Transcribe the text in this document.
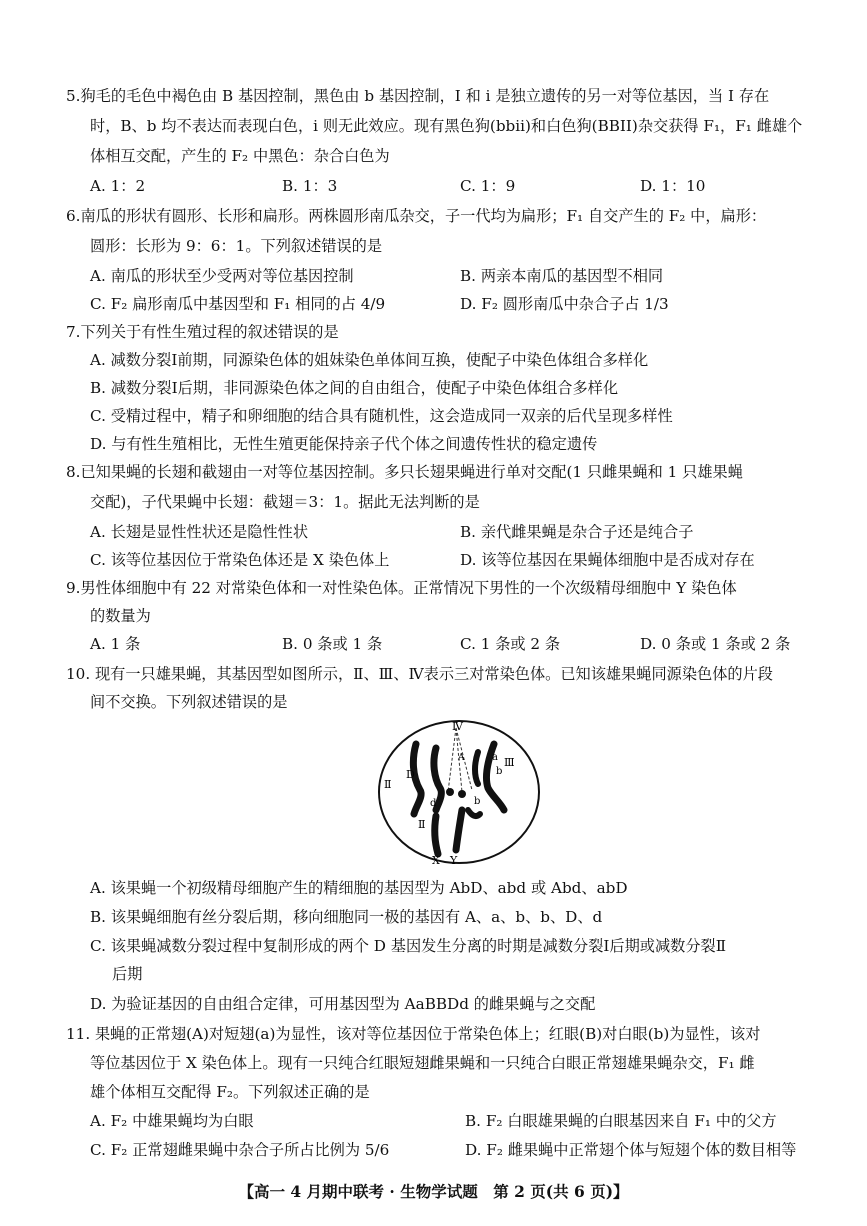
5.狗毛的毛色中褐色由 B 基因控制，黑色由 b 基因控制，I 和 i 是独立遗传的另一对等位基因，当 I 存在
时，B、b 均不表达而表现白色，i 则无此效应。现有黑色狗(bbii)和白色狗(BBII)杂交获得 F₁，F₁ 雌雄个
体相互交配，产生的 F₂ 中黑色：杂合白色为
A. 1：2	B. 1：3	C. 1：9	D. 1：10
6.南瓜的形状有圆形、长形和扁形。两株圆形南瓜杂交，子一代均为扁形；F₁ 自交产生的 F₂ 中，扁形：
圆形：长形为 9：6：1。下列叙述错误的是
A. 南瓜的形状至少受两对等位基因控制	B. 两亲本南瓜的基因型不相同
C. F₂ 扁形南瓜中基因型和 F₁ 相同的占 4/9	D. F₂ 圆形南瓜中杂合子占 1/3
7.下列关于有性生殖过程的叙述错误的是
A. 减数分裂Ⅰ前期，同源染色体的姐妹染色单体间互换，使配子中染色体组合多样化
B. 减数分裂Ⅰ后期，非同源染色体之间的自由组合，使配子中染色体组合多样化
C. 受精过程中，精子和卵细胞的结合具有随机性，这会造成同一双亲的后代呈现多样性
D. 与有性生殖相比，无性生殖更能保持亲子代个体之间遗传性状的稳定遗传
8.已知果蝇的长翅和截翅由一对等位基因控制。多只长翅果蝇进行单对交配(1 只雌果蝇和 1 只雄果蝇
交配)，子代果蝇中长翅：截翅＝3：1。据此无法判断的是
A. 长翅是显性性状还是隐性性状	B. 亲代雌果蝇是杂合子还是纯合子
C. 该等位基因位于常染色体还是 X 染色体上	D. 该等位基因在果蝇体细胞中是否成对存在
9.男性体细胞中有 22 对常染色体和一对性染色体。正常情况下男性的一个次级精母细胞中 Y 染色体
的数量为
A. 1 条	B. 0 条或 1 条	C. 1 条或 2 条	D. 0 条或 1 条或 2 条
10. 现有一只雄果蝇，其基因型如图所示，Ⅱ、Ⅲ、Ⅳ表示三对常染色体。已知该雄果蝇同源染色体的片段
间不交换。下列叙述错误的是
Ⅳ
Ⅱ
Ⅲ
Ⅱ
D
d
A	a
b
b
X Y
A. 该果蝇一个初级精母细胞产生的精细胞的基因型为 AbD、abd 或 Abd、abD
B. 该果蝇细胞有丝分裂后期，移向细胞同一极的基因有 A、a、b、b、D、d
C. 该果蝇减数分裂过程中复制形成的两个 D 基因发生分离的时期是减数分裂Ⅰ后期或减数分裂Ⅱ
后期
D. 为验证基因的自由组合定律，可用基因型为 AaBBDd 的雌果蝇与之交配
11. 果蝇的正常翅(A)对短翅(a)为显性，该对等位基因位于常染色体上；红眼(B)对白眼(b)为显性，该对
等位基因位于 X 染色体上。现有一只纯合红眼短翅雌果蝇和一只纯合白眼正常翅雄果蝇杂交，F₁ 雌
雄个体相互交配得 F₂。下列叙述正确的是
A. F₂ 中雄果蝇均为白眼	B. F₂ 白眼雄果蝇的白眼基因来自 F₁ 中的父方
C. F₂ 正常翅雌果蝇中杂合子所占比例为 5/6	D. F₂ 雌果蝇中正常翅个体与短翅个体的数目相等
【高一 4 月期中联考 · 生物学试题　第 2 页(共 6 页)】
